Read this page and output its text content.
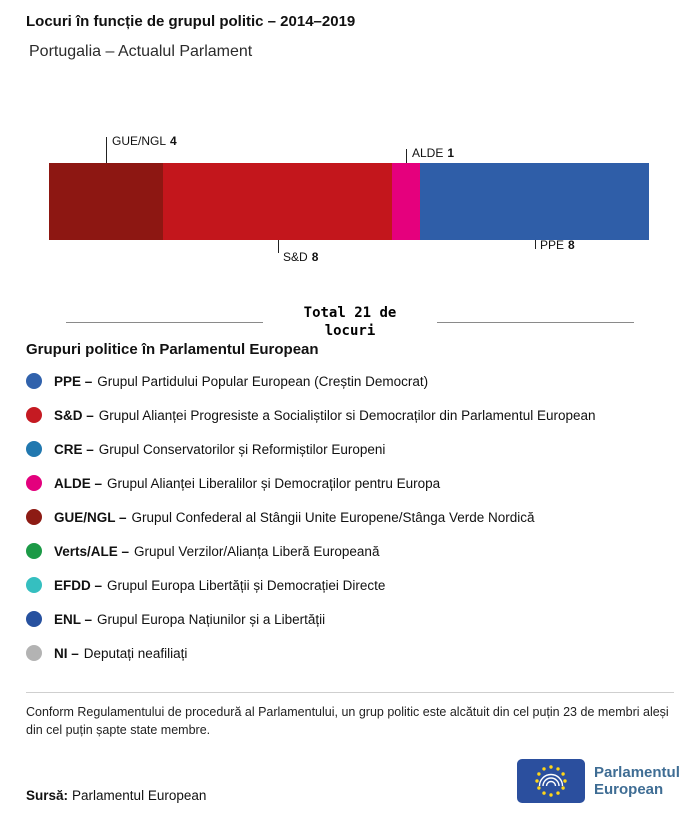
Locuri în funcție de grupul politic – 2014–2019
Portugalia – Actualul Parlament
GUE/NGL 4
ALDE 1
S&D 8
PPE 8
Total 21 de locuri
Grupuri politice în Parlamentul European
PPE – Grupul Partidului Popular European (Creștin Democrat)
S&D – Grupul Alianței Progresiste a Socialiștilor si Democraților din Parlamentul European
CRE – Grupul Conservatorilor și Reformiștilor Europeni
ALDE – Grupul Alianței Liberalilor și Democraților pentru Europa
GUE/NGL – Grupul Confederal al Stângii Unite Europene/Stânga Verde Nordică
Verts/ALE – Grupul Verzilor/Alianța Liberă Europeană
EFDD – Grupul Europa Libertății și Democrației Directe
ENL – Grupul Europa Națiunilor și a Libertății
NI – Deputați neafiliați
Conform Regulamentului de procedură al Parlamentului, un grup politic este alcătuit din cel puțin 23 de membri aleși din cel puțin șapte state membre.
Sursă: Parlamentul European
Parlamentul
European
